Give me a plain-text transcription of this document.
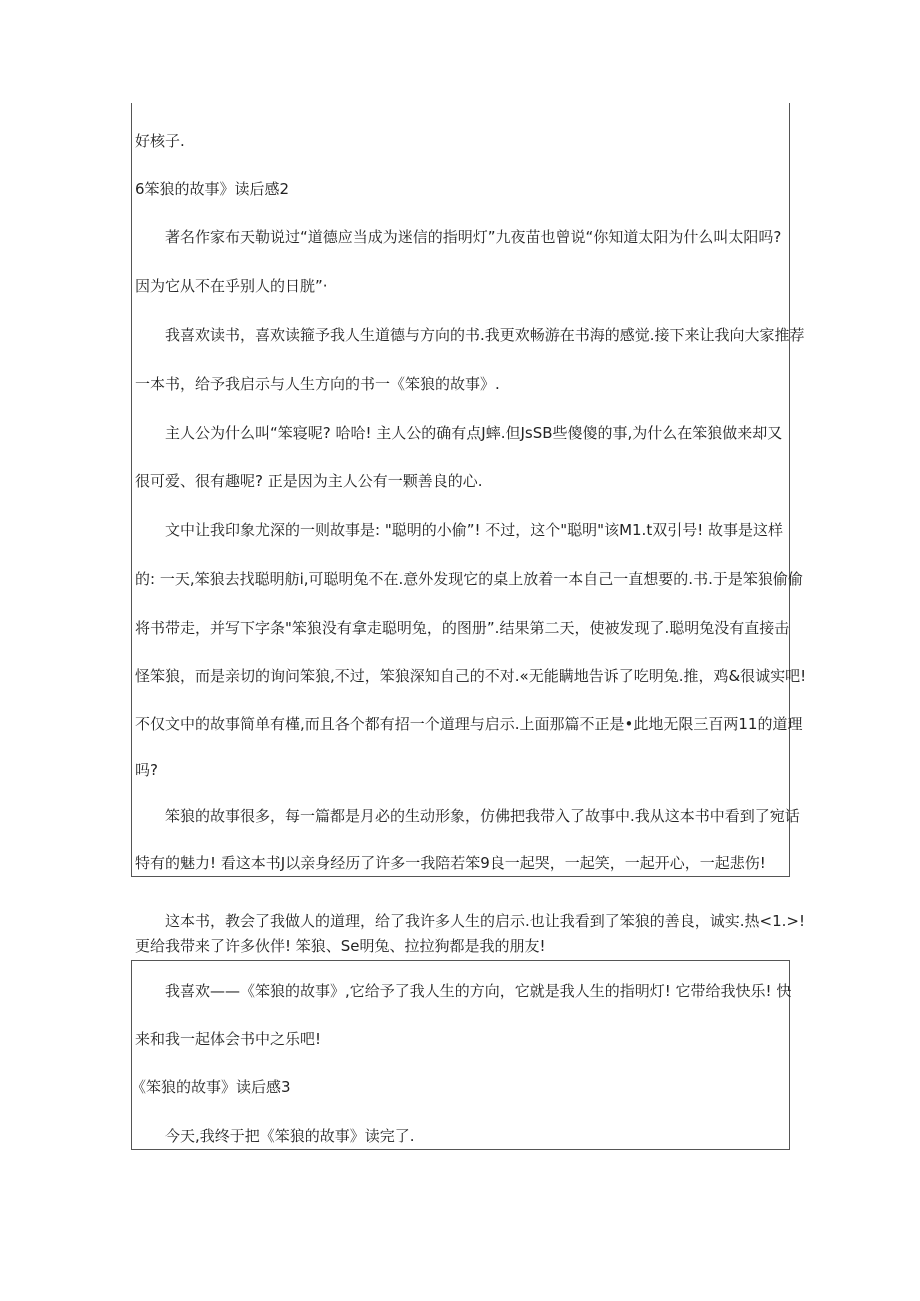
好核子.
6笨狼的故事》读后感2
著名作家布天勒说过“道德应当成为迷信的指明灯”九夜苗也曾说“你知道太阳为什么叫太阳吗?
因为它从不在乎别人的日胱”·
我喜欢读书，喜欢读箍予我人生道德与方向的书.我更欢畅游在书海的感觉.接下来让我向大家推荐
一本书，给予我启示与人生方向的书一《笨狼的故事》.
主人公为什么叫“笨寝呢? 哈哈! 主人公的确有点J蟀.但JsSB些傻傻的事,为什么在笨狼做来却又
很可爱、很有趣呢? 正是因为主人公有一颗善良的心.
文中让我印象尤深的一则故事是: "聪明的小偷”! 不过，这个"聪明"该M1.t双引号! 故事是这样
的: 一天,笨狼去找聪明舫i,可聪明兔不在.意外发现它的桌上放着一本自己一直想要的.书.于是笨狼偷偷
将书带走，并写下字条"笨狼没有拿走聪明兔，的图册”.结果第二天，使被发现了.聪明兔没有直接击
怪笨狼，而是亲切的询问笨狼,不过，笨狼深知自己的不对.«无能瞒地告诉了吃明兔.推，鸡&很诚实吧!
不仅文中的故事简单有槿,而且各个都有招一个道理与启示.上面那篇不正是•此地无限三百两11的道理
吗?
笨狼的故事很多，每一篇都是月必的生动形象，仿佛把我带入了故事中.我从这本书中看到了宛话
特有的魅力! 看这本书J以亲身经历了许多一我陪若笨9良一起哭，一起笑，一起开心，一起悲伤!
这本书，教会了我做人的道理，给了我许多人生的启示.也让我看到了笨狼的善良，诚实.热<1.>!
更给我带来了许多伙伴! 笨狼、Se明兔、拉拉狗都是我的朋友!
我喜欢——《笨狼的故事》,它给予了我人生的方向，它就是我人生的指明灯! 它带给我快乐! 快
来和我一起体会书中之乐吧!
《笨狼的故事》读后感3
今天,我终于把《笨狼的故事》读完了.
